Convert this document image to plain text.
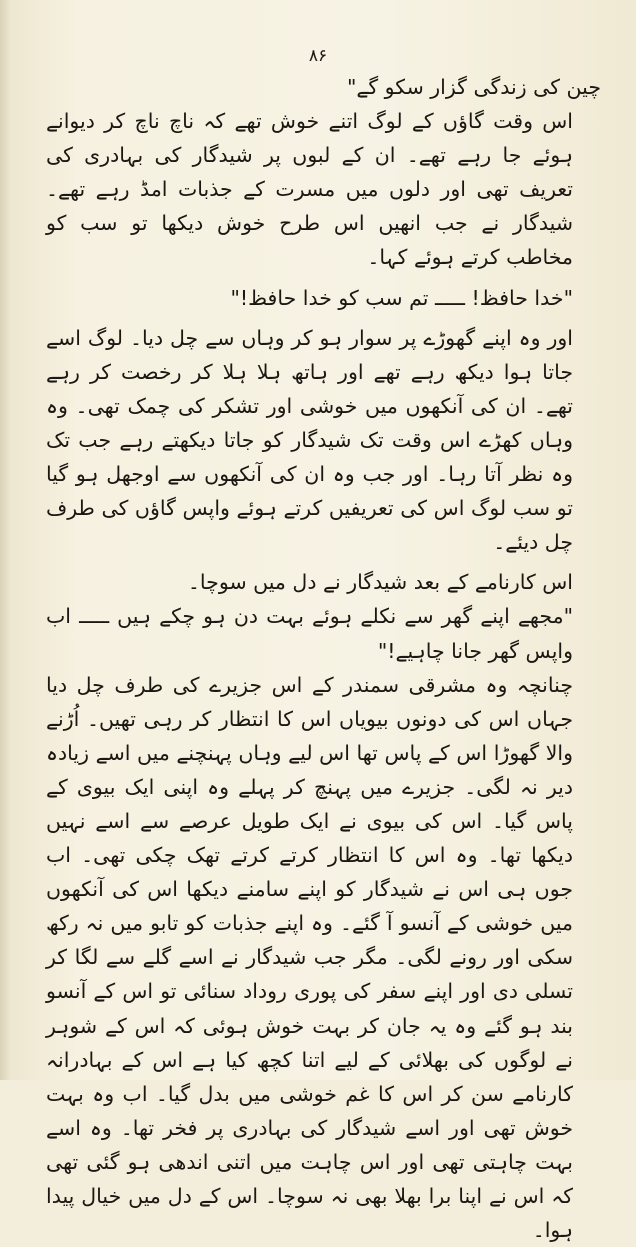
۸۶

چین کی زندگی گزار سکو گے"

اس وقت گاؤں کے لوگ اتنے خوش تھے کہ ناچ ناچ کر دیوانے ہوئے جا رہے تھے۔ ان کے لبوں پر شیدگار کی بہادری کی تعریف تھی اور دلوں میں مسرت کے جذبات امڈ رہے تھے۔ شیدگار نے جب انھیں اس طرح خوش دیکھا تو سب کو مخاطب کرتے ہوئے کہا۔

"خدا حافظ! ـــــ تم سب کو خدا حافظ!"

اور وہ اپنے گھوڑے پر سوار ہو کر وہاں سے چل دیا۔ لوگ اسے جاتا ہوا دیکھ رہے تھے اور ہاتھ ہلا ہلا کر رخصت کر رہے تھے۔ ان کی آنکھوں میں خوشی اور تشکر کی چمک تھی۔ وہ وہاں کھڑے اس وقت تک شیدگار کو جاتا دیکھتے رہے جب تک وہ نظر آتا رہا۔ اور جب وہ ان کی آنکھوں سے اوجھل ہو گیا تو سب لوگ اس کی تعریفیں کرتے ہوئے واپس گاؤں کی طرف چل دیئے۔

اس کارنامے کے بعد شیدگار نے دل میں سوچا۔

"مجھے اپنے گھر سے نکلے ہوئے بہت دن ہو چکے ہیں ـــــ اب واپس گھر جانا چاہیے!"

چنانچہ وہ مشرقی سمندر کے اس جزیرے کی طرف چل دیا جہاں اس کی دونوں بیویاں اس کا انتظار کر رہی تھیں۔ اُڑنے والا گھوڑا اس کے پاس تھا اس لیے وہاں پہنچنے میں اسے زیادہ دیر نہ لگی۔ جزیرے میں پہنچ کر پہلے وہ اپنی ایک بیوی کے پاس گیا۔ اس کی بیوی نے ایک طویل عرصے سے اسے نہیں دیکھا تھا۔ وہ اس کا انتظار کرتے کرتے تھک چکی تھی۔ اب جوں ہی اس نے شیدگار کو اپنے سامنے دیکھا اس کی آنکھوں میں خوشی کے آنسو آ گئے۔ وہ اپنے جذبات کو تابو میں نہ رکھ سکی اور رونے لگی۔ مگر جب شیدگار نے اسے گلے سے لگا کر تسلی دی اور اپنے سفر کی پوری روداد سنائی تو اس کے آنسو بند ہو گئے وہ یہ جان کر بہت خوش ہوئی کہ اس کے شوہر نے لوگوں کی بھلائی کے لیے اتنا کچھ کیا ہے اس کے بہادرانہ کارنامے سن کر اس کا غم خوشی میں بدل گیا۔ اب وہ بہت خوش تھی اور اسے شیدگار کی بہادری پر فخر تھا۔ وہ اسے بہت چاہتی تھی اور اس چاہت میں اتنی اندھی ہو گئی تھی کہ اس نے اپنا برا بھلا بھی نہ سوچا۔ اس کے دل میں خیال پیدا ہوا۔
